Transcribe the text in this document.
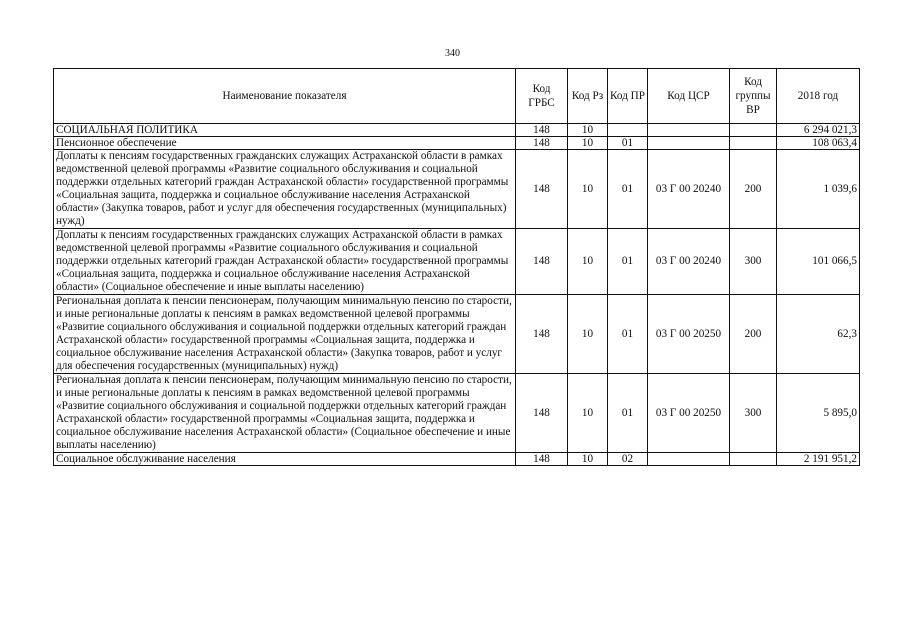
340
Наименование показателя	Код ГРБС	Код Рз	Код ПР	Код ЦСР	Код группы ВР	2018 год
СОЦИАЛЬНАЯ ПОЛИТИКА	148	10				6 294 021,3
Пенсионное обеспечение	148	10	01			108 063,4
Доплаты к пенсиям государственных гражданских служащих Астраханской области в рамках ведомственной целевой программы «Развитие социального обслуживания и социальной поддержки отдельных категорий граждан Астраханской области» государственной программы «Социальная защита, поддержка и социальное обслуживание населения Астраханской области» (Закупка товаров, работ и услуг для обеспечения государственных (муниципальных) нужд)	148	10	01	03 Г 00 20240	200	1 039,6
Доплаты к пенсиям государственных гражданских служащих Астраханской области в рамках ведомственной целевой программы «Развитие социального обслуживания и социальной поддержки отдельных категорий граждан Астраханской области» государственной программы «Социальная защита, поддержка и социальное обслуживание населения Астраханской области» (Социальное обеспечение и иные выплаты населению)	148	10	01	03 Г 00 20240	300	101 066,5
Региональная доплата к пенсии пенсионерам, получающим минимальную пенсию по старости, и иные региональные доплаты к пенсиям в рамках ведомственной целевой программы «Развитие социального обслуживания и социальной поддержки отдельных категорий граждан Астраханской области» государственной программы «Социальная защита, поддержка и социальное обслуживание населения Астраханской области» (Закупка товаров, работ и услуг для обеспечения государственных (муниципальных) нужд)	148	10	01	03 Г 00 20250	200	62,3
Региональная доплата к пенсии пенсионерам, получающим минимальную пенсию по старости, и иные региональные доплаты к пенсиям в рамках ведомственной целевой программы «Развитие социального обслуживания и социальной поддержки отдельных категорий граждан Астраханской области» государственной программы «Социальная защита, поддержка и социальное обслуживание населения Астраханской области» (Социальное обеспечение и иные выплаты населению)	148	10	01	03 Г 00 20250	300	5 895,0
Социальное обслуживание населения	148	10	02			2 191 951,2
